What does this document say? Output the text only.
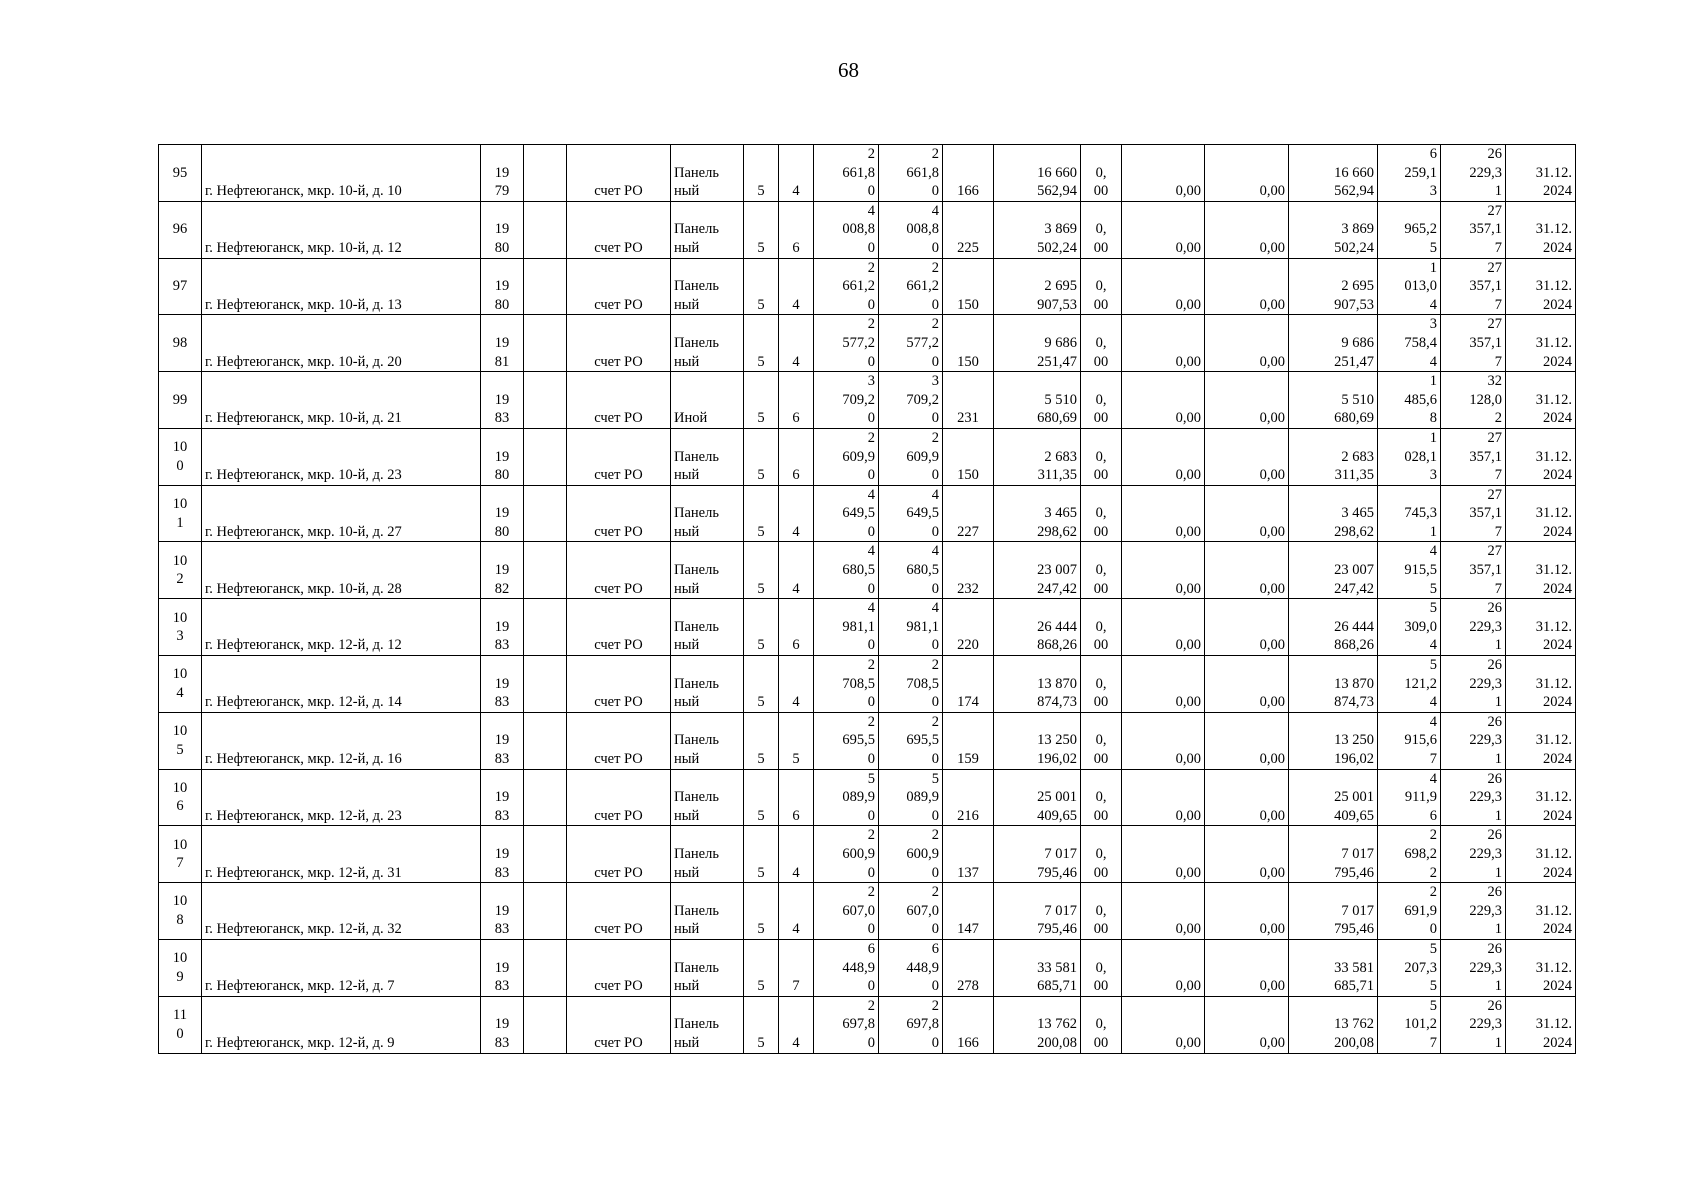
68
95	г. Нефтеюганск, мкр. 10-й, д. 10	19
79		счет РО	Панель
ный	5	4	2
661,8
0	2
661,8
0	166	16 660
562,94	0,
00	0,00	0,00	16 660
562,94	6
259,1
3	26
229,3
1	31.12.
2024

96	г. Нефтеюганск, мкр. 10-й, д. 12	19
80		счет РО	Панель
ный	5	6	4
008,8
0	4
008,8
0	225	3 869
502,24	0,
00	0,00	0,00	3 869
502,24	965,2
5	27
357,1
7	31.12.
2024

97	г. Нефтеюганск, мкр. 10-й, д. 13	19
80		счет РО	Панель
ный	5	4	2
661,2
0	2
661,2
0	150	2 695
907,53	0,
00	0,00	0,00	2 695
907,53	1
013,0
4	27
357,1
7	31.12.
2024

98	г. Нефтеюганск, мкр. 10-й, д. 20	19
81		счет РО	Панель
ный	5	4	2
577,2
0	2
577,2
0	150	9 686
251,47	0,
00	0,00	0,00	9 686
251,47	3
758,4
4	27
357,1
7	31.12.
2024

99	г. Нефтеюганск, мкр. 10-й, д. 21	19
83		счет РО	Иной	5	6	3
709,2
0	3
709,2
0	231	5 510
680,69	0,
00	0,00	0,00	5 510
680,69	1
485,6
8	32
128,0
2	31.12.
2024

10
0	г. Нефтеюганск, мкр. 10-й, д. 23	19
80		счет РО	Панель
ный	5	6	2
609,9
0	2
609,9
0	150	2 683
311,35	0,
00	0,00	0,00	2 683
311,35	1
028,1
3	27
357,1
7	31.12.
2024

10
1	г. Нефтеюганск, мкр. 10-й, д. 27	19
80		счет РО	Панель
ный	5	4	4
649,5
0	4
649,5
0	227	3 465
298,62	0,
00	0,00	0,00	3 465
298,62	745,3
1	27
357,1
7	31.12.
2024

10
2	г. Нефтеюганск, мкр. 10-й, д. 28	19
82		счет РО	Панель
ный	5	4	4
680,5
0	4
680,5
0	232	23 007
247,42	0,
00	0,00	0,00	23 007
247,42	4
915,5
5	27
357,1
7	31.12.
2024

10
3	г. Нефтеюганск, мкр. 12-й, д. 12	19
83		счет РО	Панель
ный	5	6	4
981,1
0	4
981,1
0	220	26 444
868,26	0,
00	0,00	0,00	26 444
868,26	5
309,0
4	26
229,3
1	31.12.
2024

10
4	г. Нефтеюганск, мкр. 12-й, д. 14	19
83		счет РО	Панель
ный	5	4	2
708,5
0	2
708,5
0	174	13 870
874,73	0,
00	0,00	0,00	13 870
874,73	5
121,2
4	26
229,3
1	31.12.
2024

10
5	г. Нефтеюганск, мкр. 12-й, д. 16	19
83		счет РО	Панель
ный	5	5	2
695,5
0	2
695,5
0	159	13 250
196,02	0,
00	0,00	0,00	13 250
196,02	4
915,6
7	26
229,3
1	31.12.
2024

10
6	г. Нефтеюганск, мкр. 12-й, д. 23	19
83		счет РО	Панель
ный	5	6	5
089,9
0	5
089,9
0	216	25 001
409,65	0,
00	0,00	0,00	25 001
409,65	4
911,9
6	26
229,3
1	31.12.
2024

10
7	г. Нефтеюганск, мкр. 12-й, д. 31	19
83		счет РО	Панель
ный	5	4	2
600,9
0	2
600,9
0	137	7 017
795,46	0,
00	0,00	0,00	7 017
795,46	2
698,2
2	26
229,3
1	31.12.
2024

10
8	г. Нефтеюганск, мкр. 12-й, д. 32	19
83		счет РО	Панель
ный	5	4	2
607,0
0	2
607,0
0	147	7 017
795,46	0,
00	0,00	0,00	7 017
795,46	2
691,9
0	26
229,3
1	31.12.
2024

10
9	г. Нефтеюганск, мкр. 12-й, д. 7	19
83		счет РО	Панель
ный	5	7	6
448,9
0	6
448,9
0	278	33 581
685,71	0,
00	0,00	0,00	33 581
685,71	5
207,3
5	26
229,3
1	31.12.
2024

11
0	г. Нефтеюганск, мкр. 12-й, д. 9	19
83		счет РО	Панель
ный	5	4	2
697,8
0	2
697,8
0	166	13 762
200,08	0,
00	0,00	0,00	13 762
200,08	5
101,2
7	26
229,3
1	31.12.
2024
